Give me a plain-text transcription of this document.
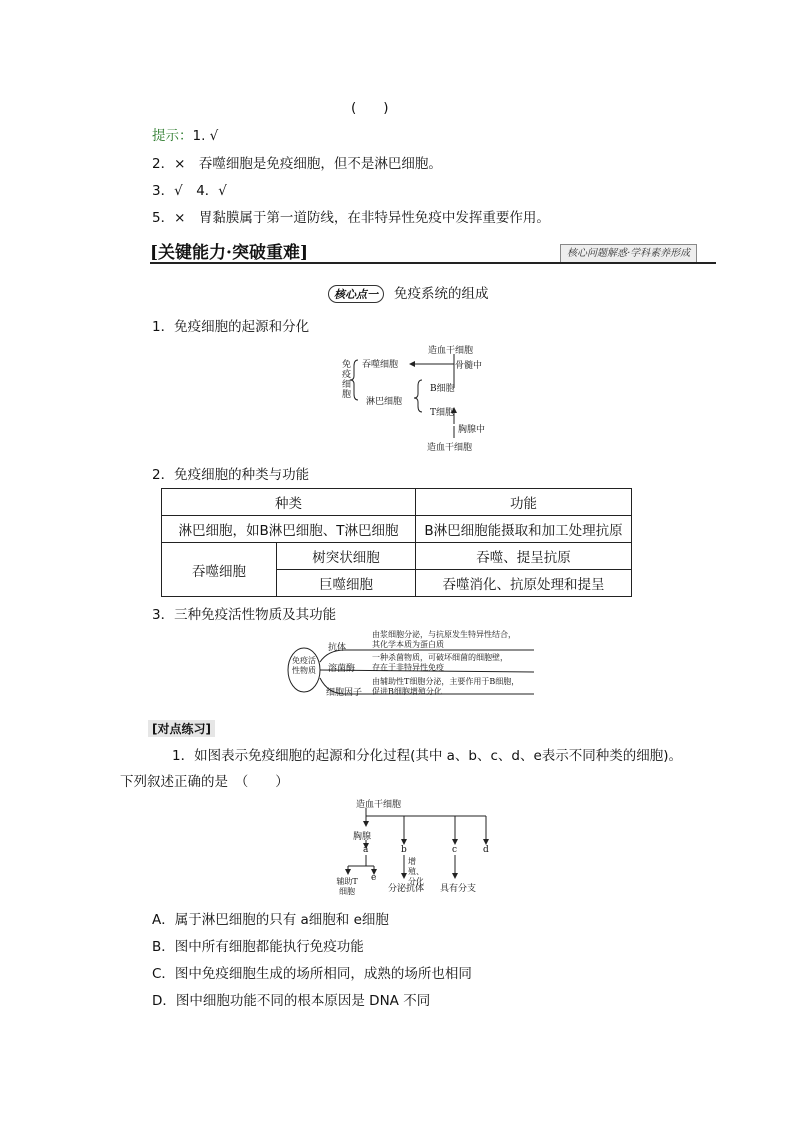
(　　)
提示：1. √
2．×　吞噬细胞是免疫细胞，但不是淋巴细胞。
3．√　4．√
5．×　胃黏膜属于第一道防线，在非特异性免疫中发挥重要作用。
[关键能力·突破重难]	核心问题解惑·学科素养形成
核心点一 免疫系统的组成
1．免疫细胞的起源和分化
造血干细胞
骨髓中
免疫细胞
吞噬细胞
淋巴细胞
B细胞
T细胞
胸腺中
造血干细胞
2．免疫细胞的种类与功能
种类		功能
淋巴细胞，如B淋巴细胞、T淋巴细胞		B淋巴细胞能摄取和加工处理抗原
吞噬细胞	树突状细胞	吞噬、提呈抗原
	巨噬细胞	吞噬消化、抗原处理和提呈
3．三种免疫活性物质及其功能
免疫活性物质
抗体
由浆细胞分泌，与抗原发生特异性结合，
其化学本质为蛋白质
溶菌酶
一种杀菌物质，可破坏细菌的细胞壁，
存在于非特异性免疫
细胞因子
由辅助性T细胞分泌，主要作用于B细胞，
促进B细胞增殖分化
[对点练习]
1．如图表示免疫细胞的起源和分化过程(其中 a、b、c、d、e表示不同种类的细胞)。
下列叙述正确的是　（　　）
造血干细胞
胸腺
a	b	c	d
e
辅助T细胞
增殖、分化
分泌抗体 具有分支
A．属于淋巴细胞的只有 a细胞和 e细胞
B．图中所有细胞都能执行免疫功能
C．图中免疫细胞生成的场所相同，成熟的场所也相同
D．图中细胞功能不同的根本原因是 DNA 不同
